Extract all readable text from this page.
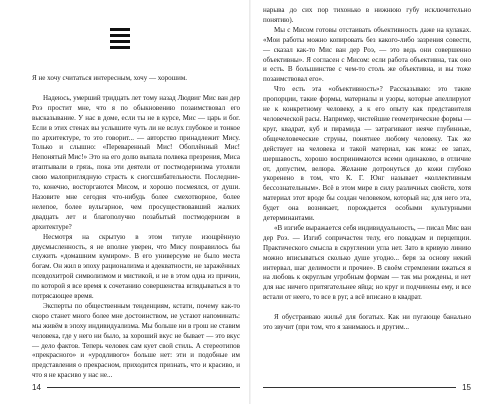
Я не хочу считаться интересным, хочу — хорошим.

Надеюсь, умерший тридцать лет тому назад Людвиг Мис ван дер Роэ простит мне, что я по обыкновению позаимствовал его высказывание. У нас в доме, если ты не в курсе, Мис — царь и бог. Если в этих стенах вы услышите чуть ли не вслух глубокое и тонкое по архитектуре, то это говорит... — авторство принадлежит Мису. Только и слышно: «Переваренный Мис! Обоплённый Мис! Непонятый Мис!» Это на его долю выпала полвека презрения, Миса втаптывали в грязь, пока эти деятели от постмодернизма утоляли свою малоприглядную страсть к сногсшибательности. Последние-то, конечно, восторгаются Мисом, и хорошо посмеялся, от души. Назовите мне сегодня что-нибудь более смехотворное, более нелепое, более вульгарное, чем просуществовавший жалких двадцать лет и благополучно позабытый постмодернизм в архитектуре?

Несмотря на скрытую в этом титуле изощрённую двусмысленность, я не вполне уверен, что Мису понравилось бы служить «домашним кумиром». В его универсуме не было места богам. Он жил в эпоху рационализма и адекватности, не заражённых псевдохитрой символизмом и мистикой, и не в этом одна из причин, по которой я все время к сочетанию совершенства вглядываться в то потрясающее время.

Эксперты по общественным тенденциям, кстати, почему как-то скоро станет много более мне достоинством, не устают напоминать: мы живём в эпоху индивидуализма. Мы больше ни в грош не ставим человека, где у него ни было, за хороший вкус не бывает — это вкус — дело фактов. Теперь человек сам кует свой стиль. А стереотипов «прекрасного» и «уродливого» больше нет: эти и подобные им представления о прекрасном, приходится признать, что и красиво, и что я не красиво у нас не...

14

нарыва до сих пор тихонько в нижнюю губу исключительно понятию).

Мы с Мисом готовы отстаивать объективность даже на кулаках. «Мои работы можно копировать без какого-либо зазрения совести, — сказал как-то Мис ван дер Роэ, — это ведь они совершенно объективны». Я согласен с Мисом: если работа объективна, так оно и есть. В большинстве с чем-то столь же объективна, и вы тоже позаимствовал его».

Что есть эта «объективность»? Рассказываю: это такие пропорции, такие формы, материалы и узоры, которые апеллируют не к конкретному человеку, а к его опыту как представителя человеческой расы. Например, чистейшие геометрические формы — круг, квадрат, куб и пирамида — затрагивают неяче глубинные, общечеловеческие струны, понятнее любому человеку. Так же действует на человека и такой материал, как кожа: ее запах, шершавость, хорошо воспринимаются всеми одинаково, в отличие от, допустим, велюра. Желание дотронуться до кожи глубоко укоренено в том, что К. Г. Юнг называет «коллективным бессознательным». Всё в этом мире в силу различных свойств, хотя материал этот вроде бы создан человеком, который на; для него эта, будет она возникает, порождается особыми культурными детерминантами.

«В изгибе выражается себя индивидуальность, — писал Мис ван дер Роэ. — Изгиб сопричастен телу, его повадкам и перцепции. Практического смысла в скруглении угла нет. Зато в кривую линию можно вписываться сколько душе угодно... беря за основу некий интервал, шаг делимости и прочие». В своём стремлении вжаться я на любовь к округлым угробным формам — так мы рождены, и нет для нас ничего притягательнее яйца; но круг и подчинены ему, и все встали от неего, то все в руг, а всё вписано в квадрат.

Я обустраиваю жильё для богатых. Как ни пугающе банально это звучит (при том, что я занимаюсь и другим...

15
